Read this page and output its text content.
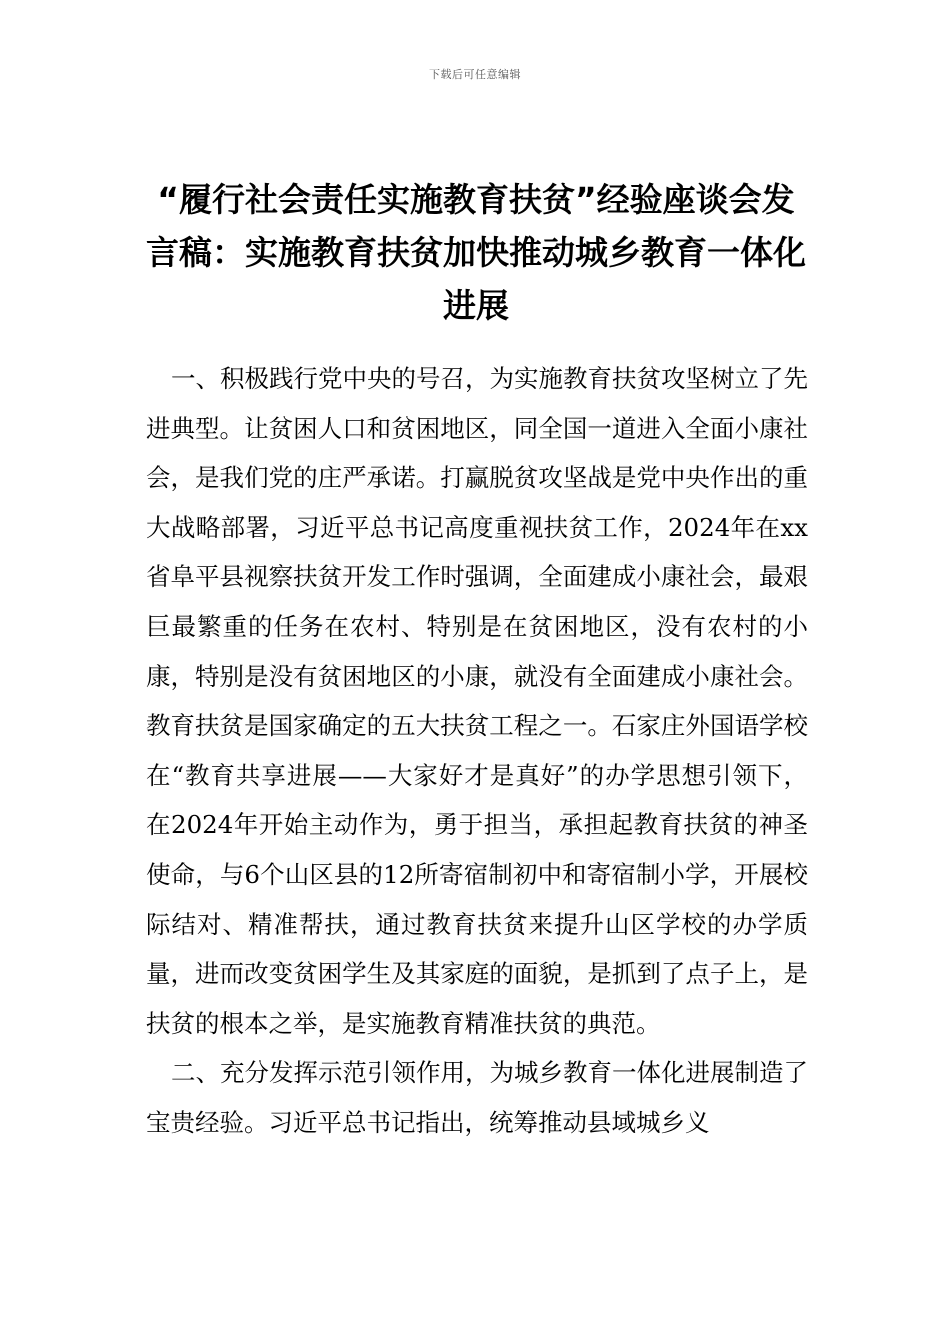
下载后可任意编辑
“履行社会责任实施教育扶贫”经验座谈会发言稿：实施教育扶贫加快推动城乡教育一体化进展

一、积极践行党中央的号召，为实施教育扶贫攻坚树立了先进典型。让贫困人口和贫困地区，同全国一道进入全面小康社会，是我们党的庄严承诺。打赢脱贫攻坚战是党中央作出的重大战略部署，习近平总书记高度重视扶贫工作，2024年在xx省阜平县视察扶贫开发工作时强调，全面建成小康社会，最艰巨最繁重的任务在农村、特别是在贫困地区，没有农村的小康，特别是没有贫困地区的小康，就没有全面建成小康社会。教育扶贫是国家确定的五大扶贫工程之一。石家庄外国语学校在“教育共享进展——大家好才是真好”的办学思想引领下，在2024年开始主动作为，勇于担当，承担起教育扶贫的神圣使命，与6个山区县的12所寄宿制初中和寄宿制小学，开展校际结对、精准帮扶，通过教育扶贫来提升山区学校的办学质量，进而改变贫困学生及其家庭的面貌，是抓到了点子上，是扶贫的根本之举，是实施教育精准扶贫的典范。

二、充分发挥示范引领作用，为城乡教育一体化进展制造了宝贵经验。习近平总书记指出，统筹推动县域城乡义
